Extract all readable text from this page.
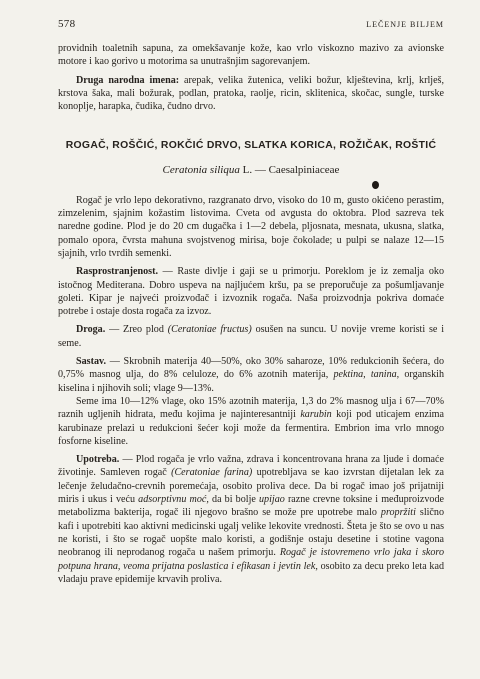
578	LEČENJE BILJEM

providnih toaletnih sapuna, za omekšavanje kože, kao vrlo viskozno mazivo za avionske motore i kao gorivo u motorima sa unutrašnjim sagorevanjem.

Druga narodna imena: arepak, velika žutenica, veliki božur, klještevina, krlj, krlješ, krstova šaka, mali božurak, podlan, pratoka, raolje, ricin, sklitenica, skočac, sungle, turske konoplje, harapka, čudika, čudno drvo.

ROGAČ, ROŠČIĆ, ROKČIĆ DRVO, SLATKA KORICA, ROŽIČAK, ROŠTIĆ
Ceratonia siliqua L. — Caesalpiniaceae

Rogač je vrlo lepo dekorativno, razgranato drvo, visoko do 10 m, gusto okićeno perastim, zimzelenim, sjajnim kožastim listovima. Cveta od avgusta do oktobra. Plod sazreva tek naredne godine. Plod je do 20 cm dugačka i 1—2 debela, pljosnata, mesnata, ukusna, slatka, pomalo opora, čvrsta mahuna svojstvenog mirisa, boje čokolade; u pulpi se nalaze 12—15 sjajnih, vrlo tvrdih semenki.

Rasprostranjenost. — Raste divlje i gaji se u primorju. Poreklom je iz zemalja oko istočnog Mediterana. Dobro uspeva na najljućem kršu, pa se preporučuje za pošumljavanje goleti. Kipar je najveći proizvođač i izvoznik rogača. Naša proizvodnja pokriva domaće potrebe i ostaje dosta rogača za izvoz.

Droga. — Zreo plod (Ceratoniae fructus) osušen na suncu. U novije vreme koristi se i seme.

Sastav. — Skrobnih materija 40—50%, oko 30% saharoze, 10% redukcionih šećera, do 0,75% masnog ulja, do 8% celuloze, do 6% azotnih materija, pektina, tanina, organskih kiselina i njihovih soli; vlage 9—13%.

Seme ima 10—12% vlage, oko 15% azotnih materija, 1,3 do 2% masnog ulja i 67—70% raznih ugljenih hidrata, među kojima je najinteresantniji karubin koji pod uticajem enzima karubinaze prelazi u redukcioni šećer koji može da fermentira. Embrion ima vrlo mnogo fosforne kiseline.

Upotreba. — Plod rogača je vrlo važna, zdrava i koncentrovana hrana za ljude i domaće životinje. Samleven rogač (Ceratoniae farina) upotrebljava se kao izvrstan dijetalan lek za lečenje želudačno-crevnih poremećaja, osobito proliva dece. Da bi rogač imao još prijatniji miris i ukus i veću adsorptivnu moć, da bi bolje upijao razne crevne toksine i međuproizvode metabolizma bakterija, rogač ili njegovo brašno se može pre upotrebe malo propržiti slično kafi i upotrebiti kao aktivni medicinski ugalj velike lekovite vrednosti. Šteta je što se ovo u nas ne koristi, i što se rogač uopšte malo koristi, a godišnje ostaju desetine i stotine vagona neobranog ili neprodanog rogača u našem primorju. Rogač je istovremeno vrlo jaka i skoro potpuna hrana, veoma prijatna poslastica i efikasan i jevtin lek, osobito za decu preko leta kad vladaju prave epidemije krvavih proliva.
